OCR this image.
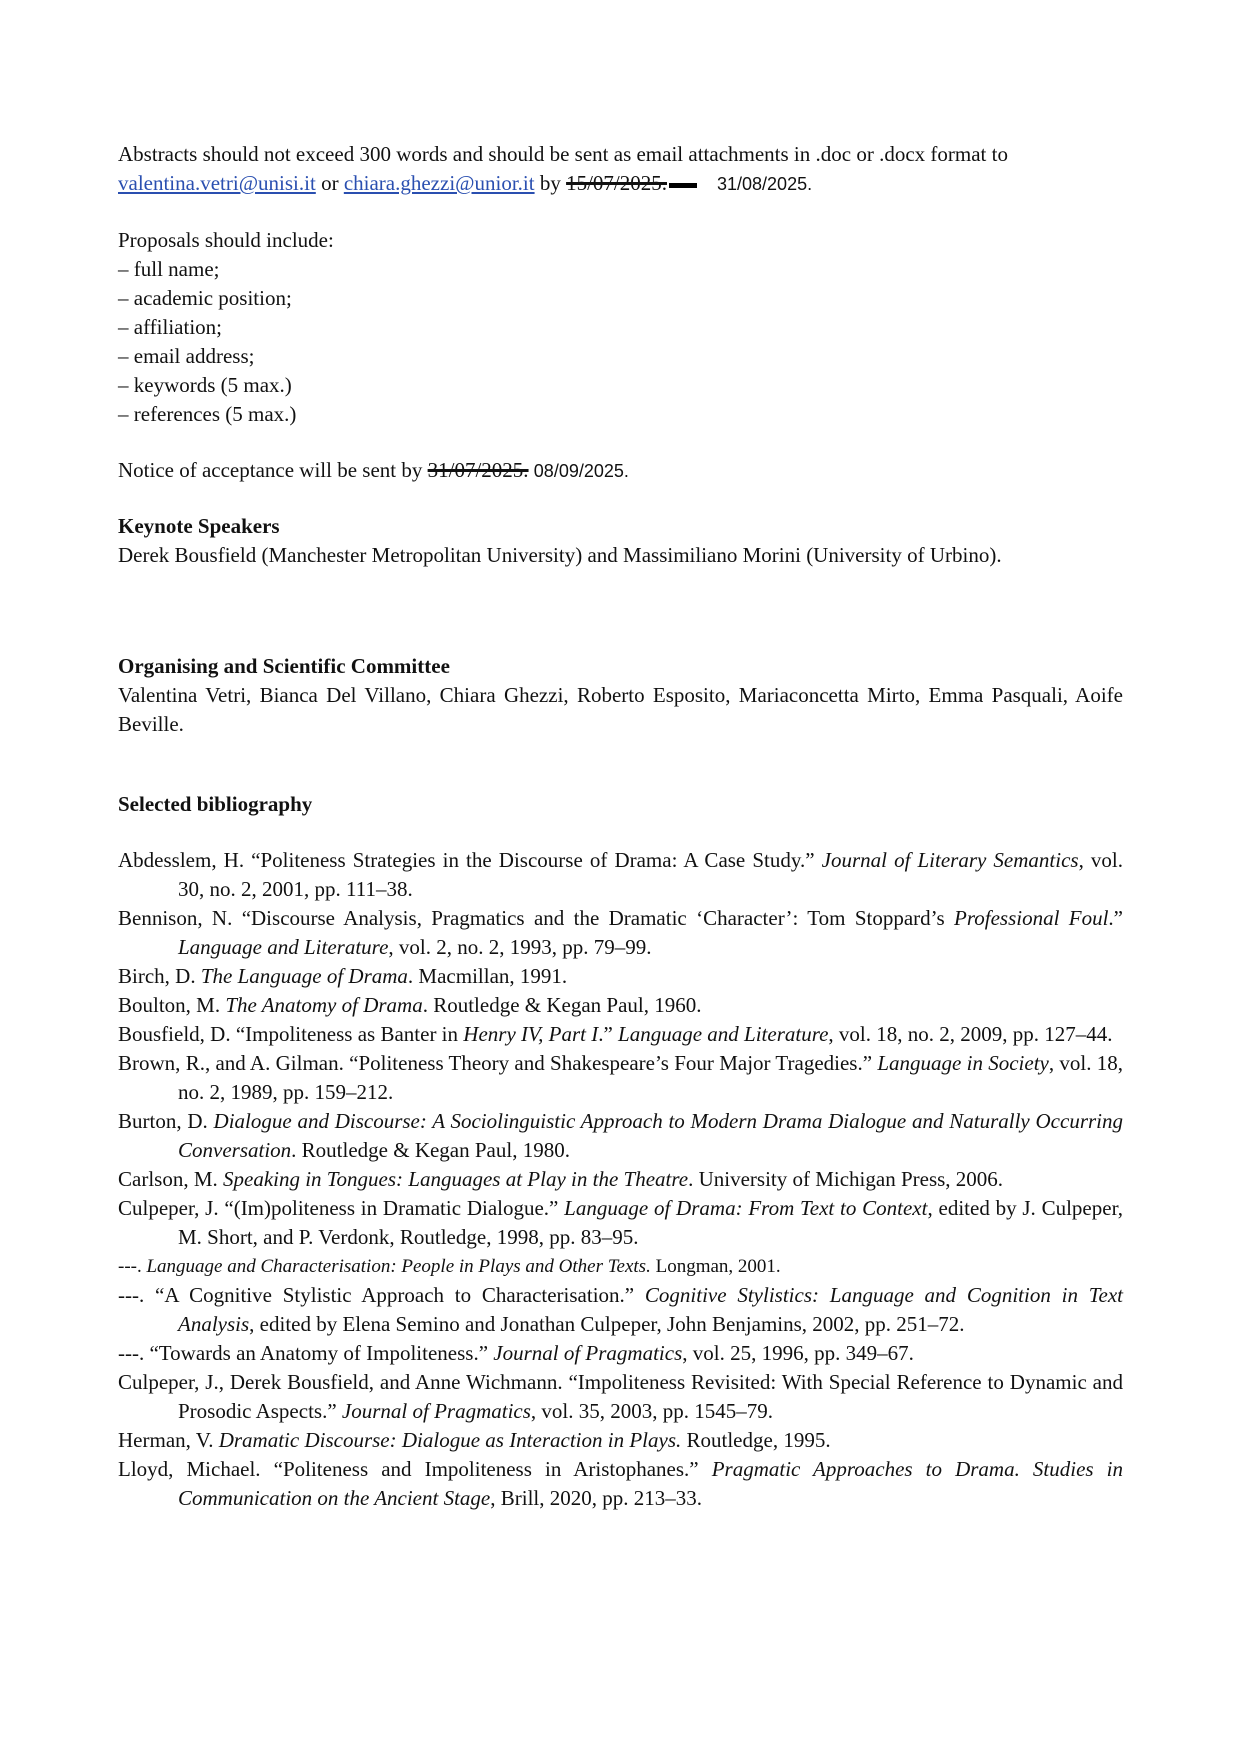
Abstracts should not exceed 300 words and should be sent as email attachments in .doc or .docx format to valentina.vetri@unisi.it or chiara.ghezzi@unior.it by 15/07/2025.	31/08/2025.
Proposals should include:
– full name;
– academic position;
– affiliation;
– email address;
– keywords (5 max.)
– references (5 max.)
Notice of acceptance will be sent by 31/07/2025. 08/09/2025.
Keynote Speakers
Derek Bousfield (Manchester Metropolitan University) and Massimiliano Morini (University of Urbino).
Organising and Scientific Committee
Valentina Vetri, Bianca Del Villano, Chiara Ghezzi, Roberto Esposito, Mariaconcetta Mirto, Emma Pasquali, Aoife Beville.
Selected bibliography
Abdesslem, H. “Politeness Strategies in the Discourse of Drama: A Case Study.” Journal of Literary Semantics, vol. 30, no. 2, 2001, pp. 111–38.
Bennison, N. “Discourse Analysis, Pragmatics and the Dramatic ‘Character’: Tom Stoppard’s Professional Foul.” Language and Literature, vol. 2, no. 2, 1993, pp. 79–99.
Birch, D. The Language of Drama. Macmillan, 1991.
Boulton, M. The Anatomy of Drama. Routledge & Kegan Paul, 1960.
Bousfield, D. “Impoliteness as Banter in Henry IV, Part I.” Language and Literature, vol. 18, no. 2, 2009, pp. 127–44.
Brown, R., and A. Gilman. “Politeness Theory and Shakespeare’s Four Major Tragedies.” Language in Society, vol. 18, no. 2, 1989, pp. 159–212.
Burton, D. Dialogue and Discourse: A Sociolinguistic Approach to Modern Drama Dialogue and Naturally Occurring Conversation. Routledge & Kegan Paul, 1980.
Carlson, M. Speaking in Tongues: Languages at Play in the Theatre. University of Michigan Press, 2006.
Culpeper, J. “(Im)politeness in Dramatic Dialogue.” Language of Drama: From Text to Context, edited by J. Culpeper, M. Short, and P. Verdonk, Routledge, 1998, pp. 83–95.
---. Language and Characterisation: People in Plays and Other Texts. Longman, 2001.
---. “A Cognitive Stylistic Approach to Characterisation.” Cognitive Stylistics: Language and Cognition in Text Analysis, edited by Elena Semino and Jonathan Culpeper, John Benjamins, 2002, pp. 251–72.
---. “Towards an Anatomy of Impoliteness.” Journal of Pragmatics, vol. 25, 1996, pp. 349–67.
Culpeper, J., Derek Bousfield, and Anne Wichmann. “Impoliteness Revisited: With Special Reference to Dynamic and Prosodic Aspects.” Journal of Pragmatics, vol. 35, 2003, pp. 1545–79.
Herman, V. Dramatic Discourse: Dialogue as Interaction in Plays. Routledge, 1995.
Lloyd, Michael. “Politeness and Impoliteness in Aristophanes.” Pragmatic Approaches to Drama. Studies in Communication on the Ancient Stage, Brill, 2020, pp. 213–33.
